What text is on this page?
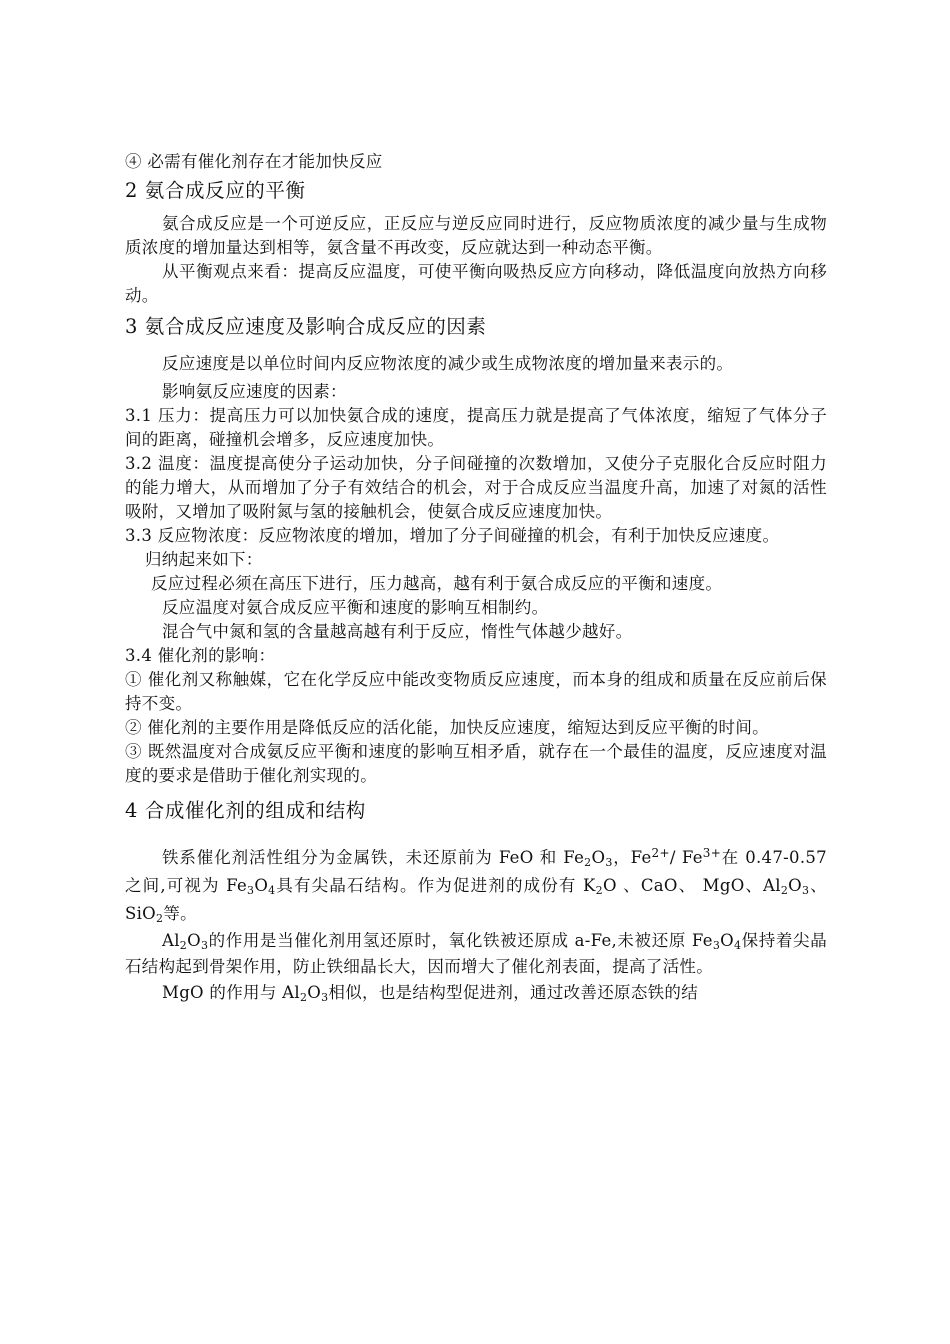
④ 必需有催化剂存在才能加快反应

2 氨合成反应的平衡

氨合成反应是一个可逆反应，正反应与逆反应同时进行，反应物质浓度的减少量与生成物质浓度的增加量达到相等，氨含量不再改变，反应就达到一种动态平衡。

从平衡观点来看：提高反应温度，可使平衡向吸热反应方向移动，降低温度向放热方向移动。

3 氨合成反应速度及影响合成反应的因素

反应速度是以单位时间内反应物浓度的减少或生成物浓度的增加量来表示的。

影响氨反应速度的因素：

3.1 压力：提高压力可以加快氨合成的速度，提高压力就是提高了气体浓度，缩短了气体分子间的距离，碰撞机会增多，反应速度加快。

3.2 温度：温度提高使分子运动加快，分子间碰撞的次数增加，又使分子克服化合反应时阻力的能力增大，从而增加了分子有效结合的机会，对于合成反应当温度升高，加速了对氮的活性吸附，又增加了吸附氮与氢的接触机会，使氨合成反应速度加快。

3.3 反应物浓度：反应物浓度的增加，增加了分子间碰撞的机会，有利于加快反应速度。

归纳起来如下：

反应过程必须在高压下进行，压力越高，越有利于氨合成反应的平衡和速度。

反应温度对氨合成反应平衡和速度的影响互相制约。

混合气中氮和氢的含量越高越有利于反应，惰性气体越少越好。

3.4 催化剂的影响：

① 催化剂又称触媒，它在化学反应中能改变物质反应速度，而本身的组成和质量在反应前后保持不变。

② 催化剂的主要作用是降低反应的活化能，加快反应速度，缩短达到反应平衡的时间。

③ 既然温度对合成氨反应平衡和速度的影响互相矛盾，就存在一个最佳的温度，反应速度对温度的要求是借助于催化剂实现的。

4 合成催化剂的组成和结构

铁系催化剂活性组分为金属铁，未还原前为 FeO 和 $Fe_2O_3$，$Fe^{2+}/$ $Fe^{3+}$在 0.47-0.57 之间,可视为 $Fe_3O_4$具有尖晶石结构。作为促进剂的成份有 $K_2O$ 、CaO、 MgO、$Al_2O_3$、 SiO$_2$等。

$Al_2O_3$的作用是当催化剂用氢还原时，氧化铁被还原成 a-Fe,未被还原 $Fe_3O_4$保持着尖晶石结构起到骨架作用，防止铁细晶长大，因而增大了催化剂表面，提高了活性。

MgO 的作用与 $Al_2O_3$相似，也是结构型促进剂，通过改善还原态铁的结
